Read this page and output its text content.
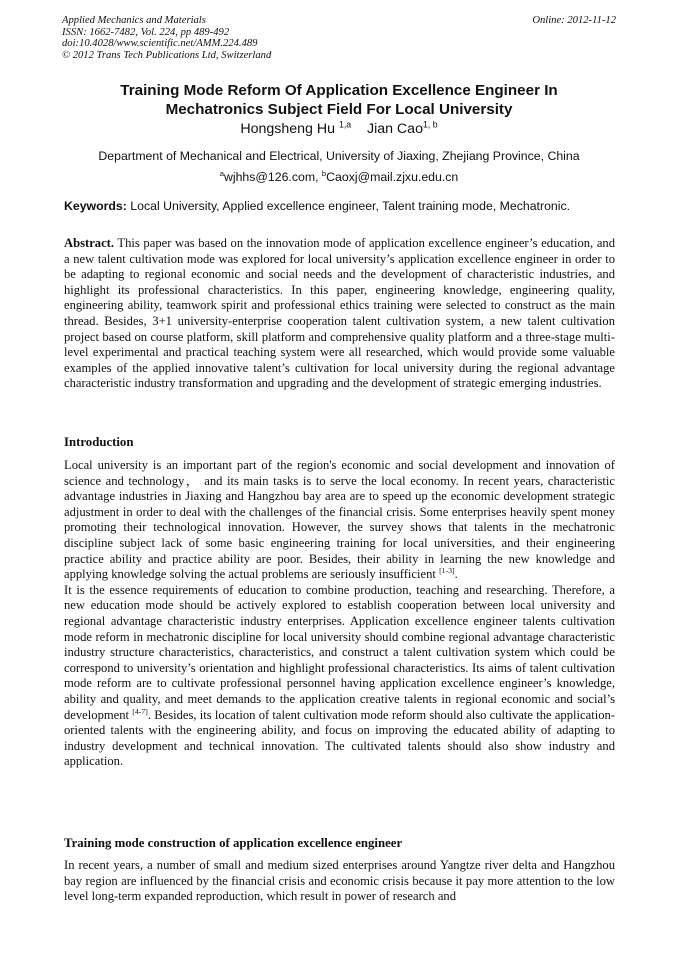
Applied Mechanics and Materials
ISSN: 1662-7482, Vol. 224, pp 489-492
doi:10.4028/www.scientific.net/AMM.224.489
© 2012 Trans Tech Publications Ltd, Switzerland
Online: 2012-11-12
Training Mode Reform Of Application Excellence Engineer In
Mechatronics Subject Field For Local University
Hongsheng Hu $^{1,a}$ Jian Cao$^{1, b}$
Department of Mechanical and Electrical, University of Jiaxing, Zhejiang Province, China
$^a$wjhhs@126.com, $^b$Caoxj@mail.zjxu.edu.cn
Keywords: Local University, Applied excellence engineer, Talent training mode, Mechatronic.

Abstract. This paper was based on the innovation mode of application excellence engineer’s education, and a new talent cultivation mode was explored for local university’s application excellence engineer in order to be adapting to regional economic and social needs and the development of characteristic industries, and highlight its professional characteristics. In this paper, engineering knowledge, engineering quality, engineering ability, teamwork spirit and professional ethics training were selected to construct as the main thread. Besides, 3+1 university-enterprise cooperation talent cultivation system, a new talent cultivation project based on course platform, skill platform and comprehensive quality platform and a three-stage multi-level experimental and practical teaching system were all researched, which would provide some valuable examples of the applied innovative talent’s cultivation for local university during the regional advantage characteristic industry transformation and upgrading and the development of strategic emerging industries.

Introduction

Local university is an important part of the region's economic and social development and innovation of science and technology， and its main tasks is to serve the local economy. In recent years, characteristic advantage industries in Jiaxing and Hangzhou bay area are to speed up the economic development strategic adjustment in order to deal with the challenges of the financial crisis. Some enterprises heavily spent money promoting their technological innovation. However, the survey shows that talents in the mechatronic discipline subject lack of some basic engineering training for local universities, and their engineering practice ability and practice ability are poor. Besides, their ability in learning the new knowledge and applying knowledge solving the actual problems are seriously insufficient [1-3].

It is the essence requirements of education to combine production, teaching and researching. Therefore, a new education mode should be actively explored to establish cooperation between local university and regional advantage characteristic industry enterprises. Application excellence engineer talents cultivation mode reform in mechatronic discipline for local university should combine regional advantage characteristic industry structure characteristics, characteristics, and construct a talent cultivation system which could be correspond to university’s orientation and highlight professional characteristics. Its aims of talent cultivation mode reform are to cultivate professional personnel having application excellence engineer’s knowledge, ability and quality, and meet demands to the application creative talents in regional economic and social’s development [4-7]. Besides, its location of talent cultivation mode reform should also cultivate the application-oriented talents with the engineering ability, and focus on improving the educated ability of adapting to industry development and technical innovation. The cultivated talents should also show industry and application.

Training mode construction of application excellence engineer

In recent years, a number of small and medium sized enterprises around Yangtze river delta and Hangzhou bay region are influenced by the financial crisis and economic crisis because it pay more attention to the low level long-term expanded reproduction, which result in power of research and
